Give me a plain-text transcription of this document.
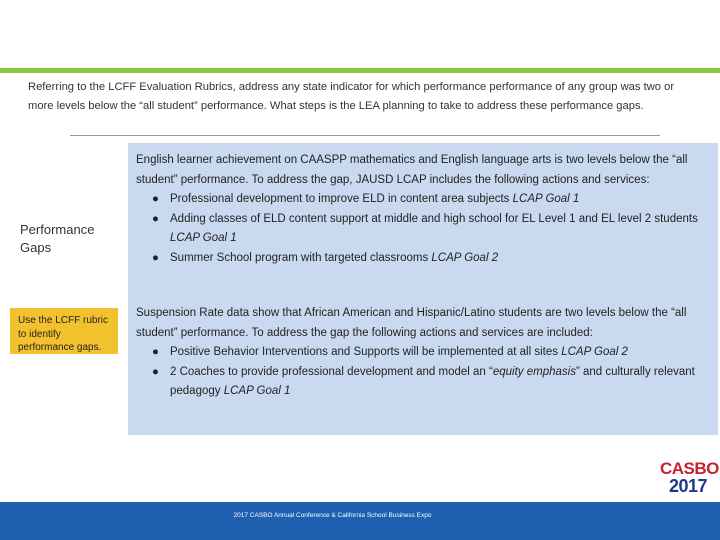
Referring to the LCFF Evaluation Rubrics, address any state indicator for which performance performance of any group was two or more levels below the “all student” performance. What steps is the LEA planning to take to address these performance gaps.
Performance Gaps
Use the LCFF rubric to identify performance gaps.

English learner achievement on CAASPP mathematics and English language arts is two levels below the “all student” performance. To address the gap, JAUSD LCAP includes the following actions and services:

● Professional development to improve ELD in content area subjects LCAP Goal 1
● Adding classes of ELD content support at middle and high school for EL Level 1 and EL level 2 students LCAP Goal 1
● Summer School program with targeted classrooms LCAP Goal 2

Suspension Rate data show that African American and Hispanic/Latino students are two levels below the “all student” performance. To address the gap the following actions and services are included:

● Positive Behavior Interventions and Supports will be implemented at all sites LCAP Goal 2
● 2 Coaches to provide professional development and model an “equity emphasis” and culturally relevant pedagogy LCAP Goal 1
CASBO
2017
2017 CASBO Annual Conference & California School Business Expo
